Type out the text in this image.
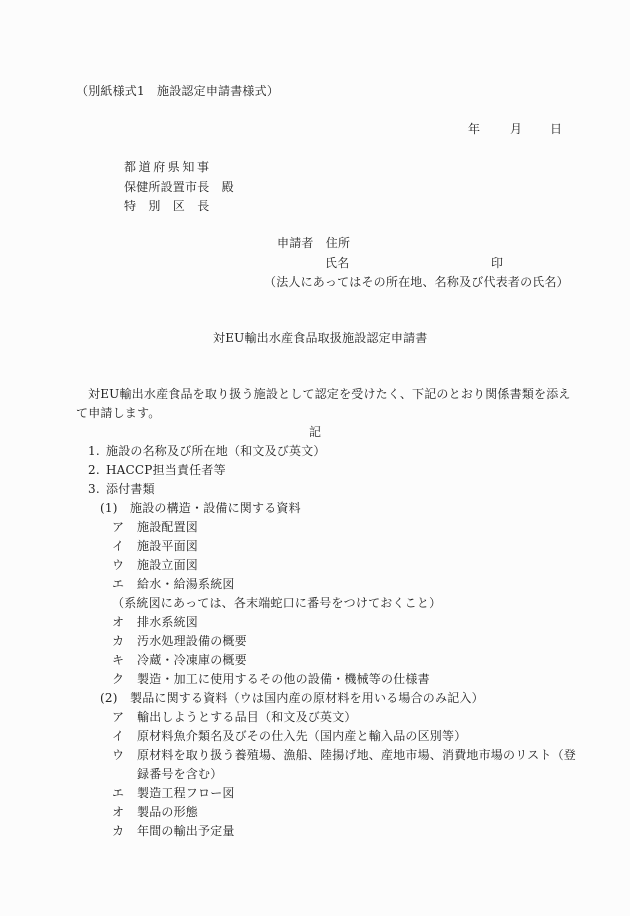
（別紙様式1　施設認定申請書様式）
年 月 日
都道府県知事
保健所設置市長　殿
特　別　区　長
申請者　住所
氏名	印
（法人にあってはその所在地、名称及び代表者の氏名）
対EU輸出水産食品取扱施設認定申請書
対EU輸出水産食品を取り扱う施設として認定を受けたく、下記のとおり関係書類を添え
て申請します。
記
1. 施設の名称及び所在地（和文及び英文）
2. HACCP担当責任者等
3. 添付書類
(1) 施設の構造・設備に関する資料
ア 施設配置図
イ 施設平面図
ウ 施設立面図
エ 給水・給湯系統図
（系統図にあっては、各末端蛇口に番号をつけておくこと）
オ 排水系統図
カ 汚水処理設備の概要
キ 冷蔵・冷凍庫の概要
ク 製造・加工に使用するその他の設備・機械等の仕様書
(2) 製品に関する資料（ウは国内産の原材料を用いる場合のみ記入）
ア 輸出しようとする品目（和文及び英文）
イ 原材料魚介類名及びその仕入先（国内産と輸入品の区別等）
ウ 原材料を取り扱う養殖場、漁船、陸揚げ地、産地市場、消費地市場のリスト（登
録番号を含む）
エ 製造工程フロー図
オ 製品の形態
カ 年間の輸出予定量
